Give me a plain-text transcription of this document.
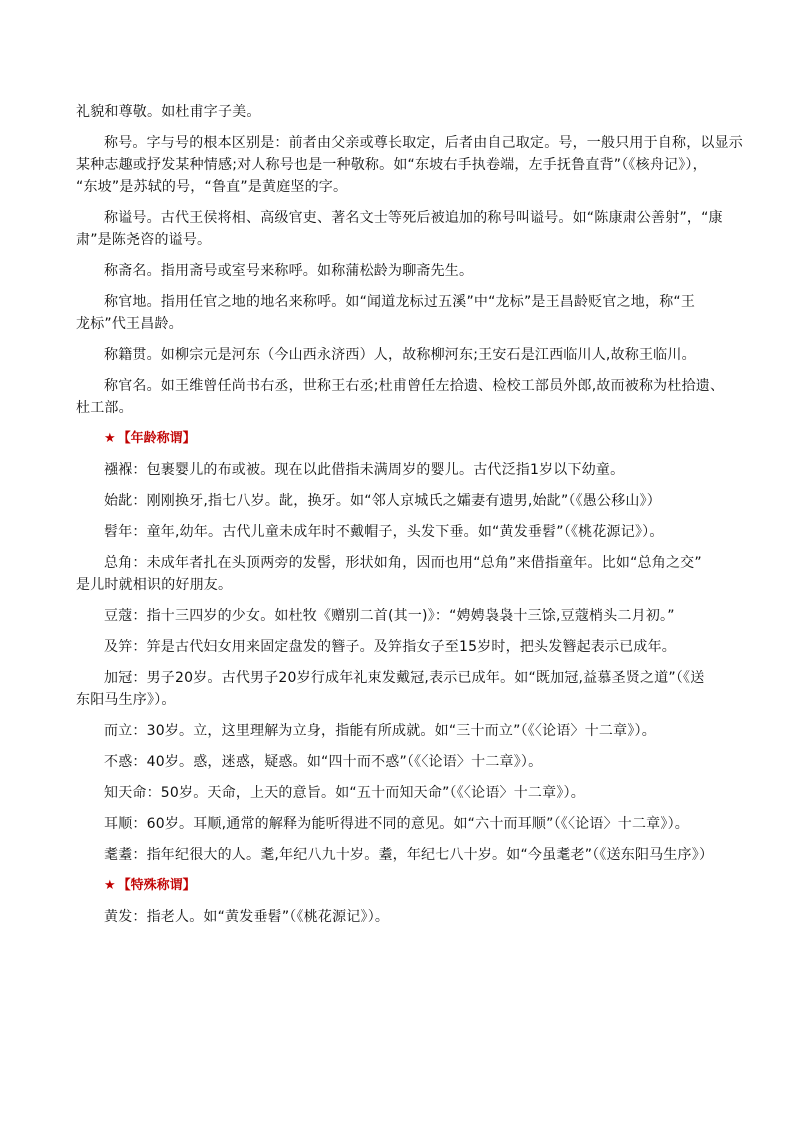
礼貌和尊敬。如杜甫字子美。
称号。字与号的根本区别是：前者由父亲或尊长取定，后者由自己取定。号，一般只用于自称，以显示
某种志趣或抒发某种情感;对人称号也是一种敬称。如“东坡右手执卷端，左手抚鲁直背”（《核舟记》），
“东坡”是苏轼的号，“鲁直”是黄庭坚的字。
称谥号。古代王侯将相、高级官吏、著名文士等死后被追加的称号叫谥号。如“陈康肃公善射”，“康
肃”是陈尧咨的谥号。
称斋名。指用斋号或室号来称呼。如称蒲松龄为聊斋先生。
称官地。指用任官之地的地名来称呼。如“闻道龙标过五溪”中“龙标”是王昌龄贬官之地，称“王
龙标”代王昌龄。
称籍贯。如柳宗元是河东（今山西永济西）人，故称柳河东;王安石是江西临川人,故称王临川。
称官名。如王维曾任尚书右丞，世称王右丞;杜甫曾任左拾遗、检校工部员外郎,故而被称为杜拾遗、
杜工部。
★ 【年龄称谓】
襁褓：包裹婴儿的布或被。现在以此借指未满周岁的婴儿。古代泛指1岁以下幼童。
始龀：刚刚换牙,指七八岁。龀，换牙。如“邻人京城氏之孀妻有遗男,始龀”（《愚公移山》）
髫年：童年,幼年。古代儿童未成年时不戴帽子，头发下垂。如“黄发垂髫”（《桃花源记》）。
总角：未成年者扎在头顶两旁的发髻，形状如角，因而也用“总角”来借指童年。比如“总角之交”
是儿时就相识的好朋友。
豆蔻：指十三四岁的少女。如杜牧《赠别二首(其一)》：“娉娉袅袅十三馀,豆蔻梢头二月初。”
及笄：笄是古代妇女用来固定盘发的簪子。及笄指女子至15岁时，把头发簪起表示已成年。
加冠：男子20岁。古代男子20岁行成年礼束发戴冠,表示已成年。如“既加冠,益慕圣贤之道”（《送
东阳马生序》）。
而立：30岁。立，这里理解为立身，指能有所成就。如“三十而立”（《〈论语〉十二章》）。
不惑：40岁。惑，迷惑，疑惑。如“四十而不惑”（《〈论语〉十二章》）。
知天命：50岁。天命，上天的意旨。如“五十而知天命”（《〈论语〉十二章》）。
耳顺：60岁。耳顺,通常的解释为能听得进不同的意见。如“六十而耳顺”（《〈论语〉十二章》）。
耄耋：指年纪很大的人。耄,年纪八九十岁。耋，年纪七八十岁。如“今虽耄老”（《送东阳马生序》）
★ 【特殊称谓】
黄发：指老人。如“黄发垂髫”（《桃花源记》）。
